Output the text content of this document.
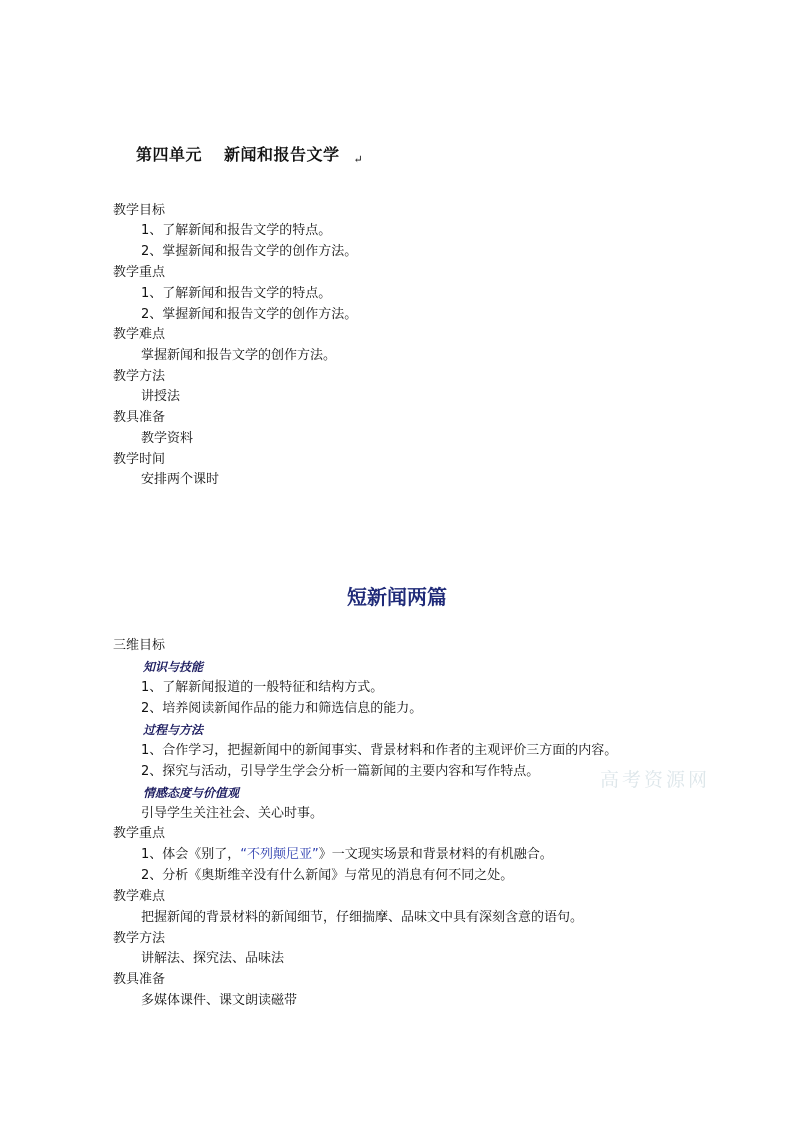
第四单元 新闻和报告文学 ↵
教学目标
1、了解新闻和报告文学的特点。
2、掌握新闻和报告文学的创作方法。
教学重点
1、了解新闻和报告文学的特点。
2、掌握新闻和报告文学的创作方法。
教学难点
掌握新闻和报告文学的创作方法。
教学方法
讲授法
教具准备
教学资料
教学时间
安排两个课时
短新闻两篇
三维目标
知识与技能
1、了解新闻报道的一般特征和结构方式。
2、培养阅读新闻作品的能力和筛选信息的能力。
过程与方法
1、合作学习，把握新闻中的新闻事实、背景材料和作者的主观评价三方面的内容。
2、探究与活动，引导学生学会分析一篇新闻的主要内容和写作特点。
情感态度与价值观
引导学生关注社会、关心时事。
教学重点
1、体会《别了，“不列颠尼亚”》一文现实场景和背景材料的有机融合。
2、分析《奥斯维辛没有什么新闻》与常见的消息有何不同之处。
教学难点
把握新闻的背景材料的新闻细节，仔细揣摩、品味文中具有深刻含意的语句。
教学方法
讲解法、探究法、品味法
教具准备
多媒体课件、课文朗读磁带
高考资源网
